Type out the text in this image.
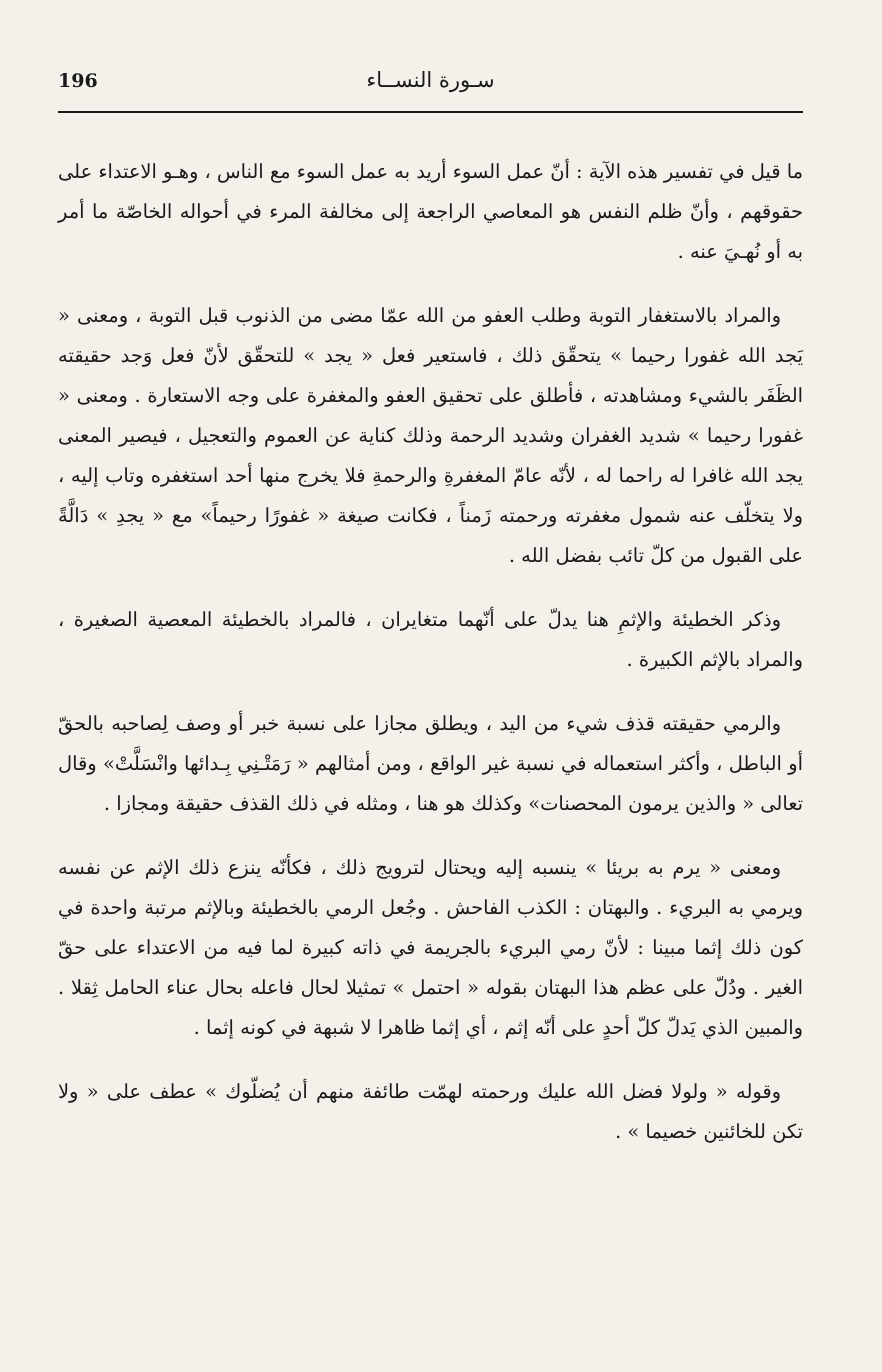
196	سـورة النســاء

ما قيل في تفسير هذه الآية : أنّ عمل السوء أريد به عمل السوء مع الناس ، وهـو الاعتداء على حقوقهم ، وأنّ ظلم النفس هو المعاصي الراجعة إلى مخالفة المرء في أحواله الخاصّة ما أمر به أو نُهـيَ عنه .

والمراد بالاستغفار التوبة وطلب العفو من الله عمّا مضى من الذنوب قبل التوبة ، ومعنى « يَجد الله غفورا رحيما » يتحقّق ذلك ، فاستعير فعل « يجد » للتحقّق لأنّ فعل وَجد حقيقته الظَفَر بالشيء ومشاهدته ، فأطلق على تحقيق العفو والمغفرة على وجه الاستعارة . ومعنى « غفورا رحيما » شديد الغفران وشديد الرحمة وذلك كناية عن العموم والتعجيل ، فيصير المعنى يجد الله غافرا له راحما له ، لأنّه عامّ المغفرةِ والرحمةِ فلا يخرج منها أحد استغفره وتاب إليه ، ولا يتخلّف عنه شمول مغفرته ورحمته زَمناً ، فكانت صيغة « غفورًا رحيماً» مع « يجدِ » دَالَّةً على القبول من كلّ تائب بفضل الله .

وذكر الخطيئة والإثمِ هنا يدلّ على أنّهما متغايران ، فالمراد بالخطيئة المعصية الصغيرة ، والمراد بالإثم الكبيرة .

والرمي حقيقته قذف شيء من اليد ، ويطلق مجازا على نسبة خبر أو وصف لِصاحبه بالحقّ أو الباطل ، وأكثر استعماله في نسبة غير الواقع ، ومن أمثالهم « رَمَتْـنِي بِـدائها وانْسَلَّتْ» وقال تعالى « والذين يرمون المحصنات» وكذلك هو هنا ، ومثله في ذلك القذف حقيقة ومجازا .

ومعنى « يرم به بريئا » ينسبه إليه ويحتال لترويج ذلك ، فكأنّه ينزع ذلك الإثم عن نفسه ويرمي به البريء . والبهتان : الكذب الفاحش . وجُعل الرمي بالخطيئة وبالإثم مرتبة واحدة في كون ذلك إثما مبينا : لأنّ رمي البريء بالجريمة في ذاته كبيرة لما فيه من الاعتداء على حقّ الغير . ودُلّ على عظم هذا البهتان بقوله « احتمل » تمثيلا لحال فاعله بحال عناء الحامل ثِقلا . والمبين الذي يَدلّ كلّ أحدٍ على أنّه إثم ، أي إثما ظاهرا لا شبهة في كونه إثما .

وقوله « ولولا فضل الله عليك ورحمته لهمّت طائفة منهم أن يُضلّوك » عطف على « ولا تكن للخائنين خصيما » .
